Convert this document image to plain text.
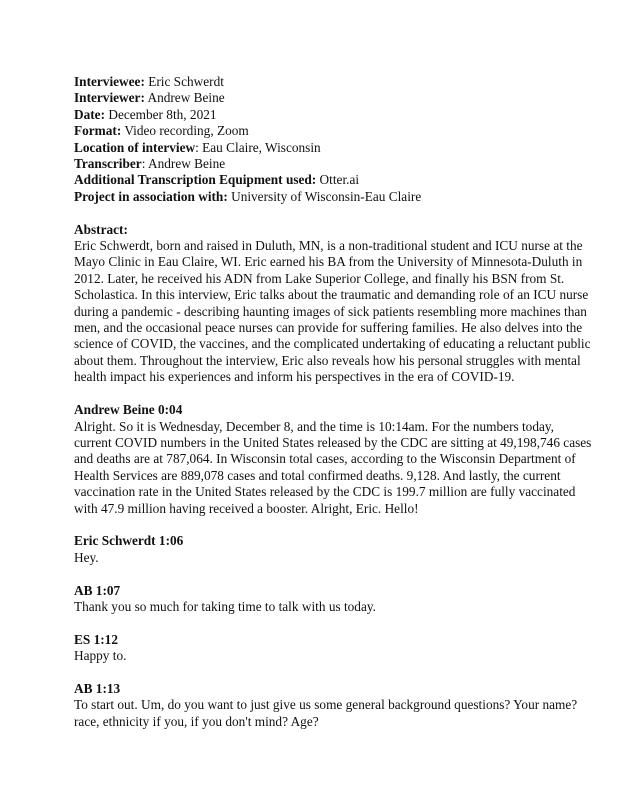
Interviewee: Eric Schwerdt
Interviewer: Andrew Beine
Date: December 8th, 2021
Format: Video recording, Zoom
Location of interview: Eau Claire, Wisconsin
Transcriber: Andrew Beine
Additional Transcription Equipment used: Otter.ai
Project in association with: University of Wisconsin-Eau Claire
Abstract:
Eric Schwerdt, born and raised in Duluth, MN, is a non-traditional student and ICU nurse at the
Mayo Clinic in Eau Claire, WI. Eric earned his BA from the University of Minnesota-Duluth in
2012. Later, he received his ADN from Lake Superior College, and finally his BSN from St.
Scholastica. In this interview, Eric talks about the traumatic and demanding role of an ICU nurse
during a pandemic - describing haunting images of sick patients resembling more machines than
men, and the occasional peace nurses can provide for suffering families. He also delves into the
science of COVID, the vaccines, and the complicated undertaking of educating a reluctant public
about them. Throughout the interview, Eric also reveals how his personal struggles with mental
health impact his experiences and inform his perspectives in the era of COVID-19.
Andrew Beine 0:04
Alright. So it is Wednesday, December 8, and the time is 10:14am. For the numbers today,
current COVID numbers in the United States released by the CDC are sitting at 49,198,746 cases
and deaths are at 787,064. In Wisconsin total cases, according to the Wisconsin Department of
Health Services are 889,078 cases and total confirmed deaths. 9,128. And lastly, the current
vaccination rate in the United States released by the CDC is 199.7 million are fully vaccinated
with 47.9 million having received a booster. Alright, Eric. Hello!
Eric Schwerdt 1:06
Hey.
AB 1:07
Thank you so much for taking time to talk with us today.
ES 1:12
Happy to.
AB 1:13
To start out. Um, do you want to just give us some general background questions? Your name?
race, ethnicity if you, if you don't mind? Age?
